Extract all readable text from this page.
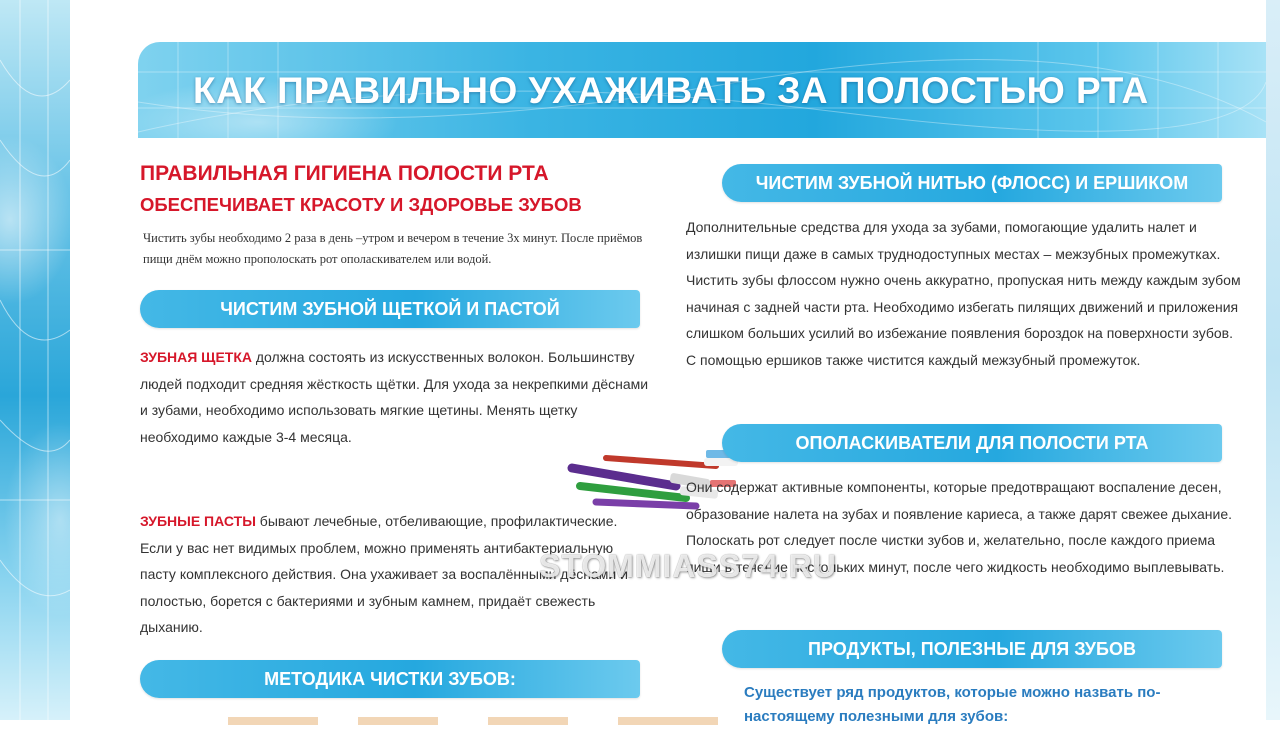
КАК ПРАВИЛЬНО УХАЖИВАТЬ ЗА ПОЛОСТЬЮ РТА
ПРАВИЛЬНАЯ ГИГИЕНА ПОЛОСТИ РТА
ОБЕСПЕЧИВАЕТ КРАСОТУ И ЗДОРОВЬЕ ЗУБОВ

Чистить зубы необходимо 2 раза в день –утром и вечером в течение 3х минут. После приёмов пищи днём можно прополоскать рот ополаскивателем или водой.

ЧИСТИМ ЗУБНОЙ ЩЕТКОЙ И ПАСТОЙ

ЗУБНАЯ ЩЕТКА должна состоять из искусственных волокон. Большинству людей подходит средняя жёсткость щётки. Для ухода за некрепкими дёснами и зубами, необходимо использовать мягкие щетины. Менять щетку необходимо каждые 3-4 месяца.

ЗУБНЫЕ ПАСТЫ бывают лечебные, отбеливающие, профилактические. Если у вас нет видимых проблем, можно применять антибактериальную пасту комплексного действия. Она ухаживает за воспалёнными дёснами и полостью, борется с бактериями и зубным камнем, придаёт свежесть дыханию.

МЕТОДИКА ЧИСТКИ ЗУБОВ:
ЧИСТИМ ЗУБНОЙ НИТЬЮ (ФЛОСС) И ЕРШИКОМ

Дополнительные средства для ухода за зубами, помогающие удалить налет и излишки пищи даже в самых труднодоступных местах – межзубных промежутках. Чистить зубы флоссом нужно очень аккуратно, пропуская нить между каждым зубом начиная с задней части рта. Необходимо избегать пилящих движений и приложения слишком больших усилий во избежание появления бороздок на поверхности зубов.
С помощью ершиков также чистится каждый межзубный промежуток.

ОПОЛАСКИВАТЕЛИ ДЛЯ ПОЛОСТИ РТА

Они содержат активные компоненты, которые предотвращают воспаление десен, образование налета на зубах и появление кариеса, а также дарят свежее дыхание. Полоскать рот следует после чистки зубов и, желательно, после каждого приема пищи в течение нескольких минут, после чего жидкость необходимо выплевывать.

ПРОДУКТЫ, ПОЛЕЗНЫЕ ДЛЯ ЗУБОВ

Существует ряд продуктов, которые можно назвать по-настоящему полезными для зубов:

STOMMIASS74.RU
